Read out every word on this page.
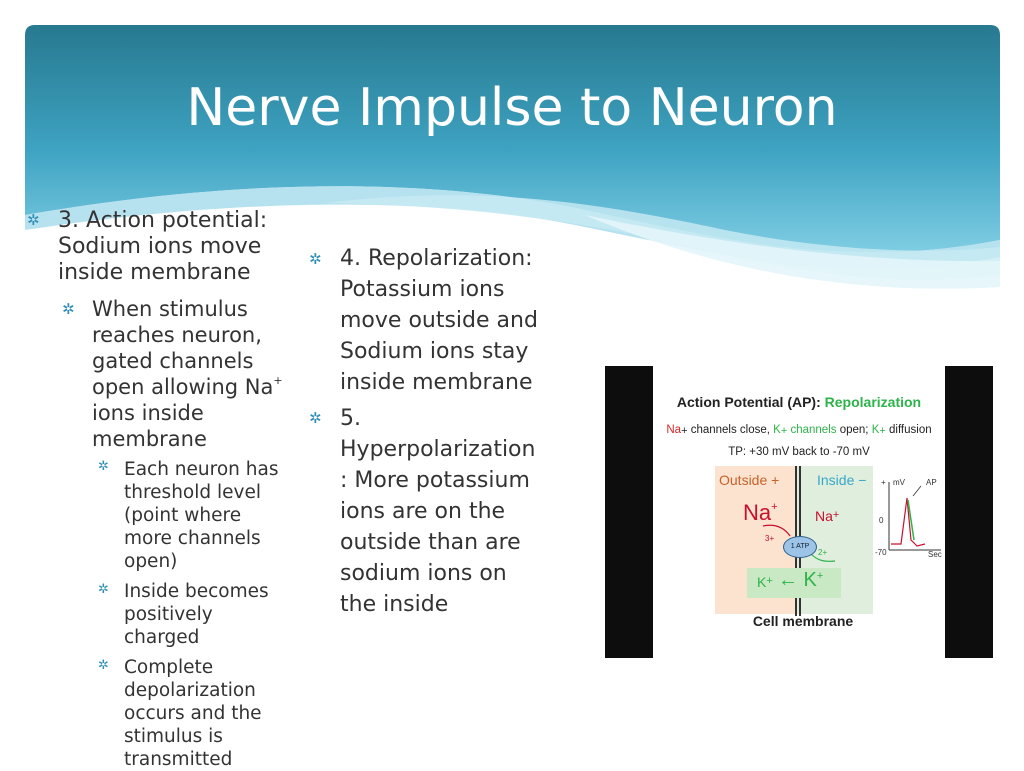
Nerve Impulse to Neuron
✲ 3. Action potential:
Sodium ions move
inside membrane
✲ When stimulus
reaches neuron,
gated channels
open allowing Na+
ions inside
membrane
✲ Each neuron has
threshold level
(point where
more channels
open)
✲ Inside becomes
positively
charged
✲ Complete
depolarization
occurs and the
stimulus is
transmitted
✲ 4. Repolarization:
Potassium ions
move outside and
Sodium ions stay
inside membrane
✲ 5.
Hyperpolarization
: More potassium
ions are on the
outside than are
sodium ions on
the inside
Action Potential (AP): Repolarization
Na+ channels close, K+ channels open; K+ diffusion
TP: +30 mV back to -70 mV
Outside +	Inside −
Na+
Na+
1 ATP
3+
2+
K+ ← K+
Cell membrane
+ mV	AP
0
-70	Sec
